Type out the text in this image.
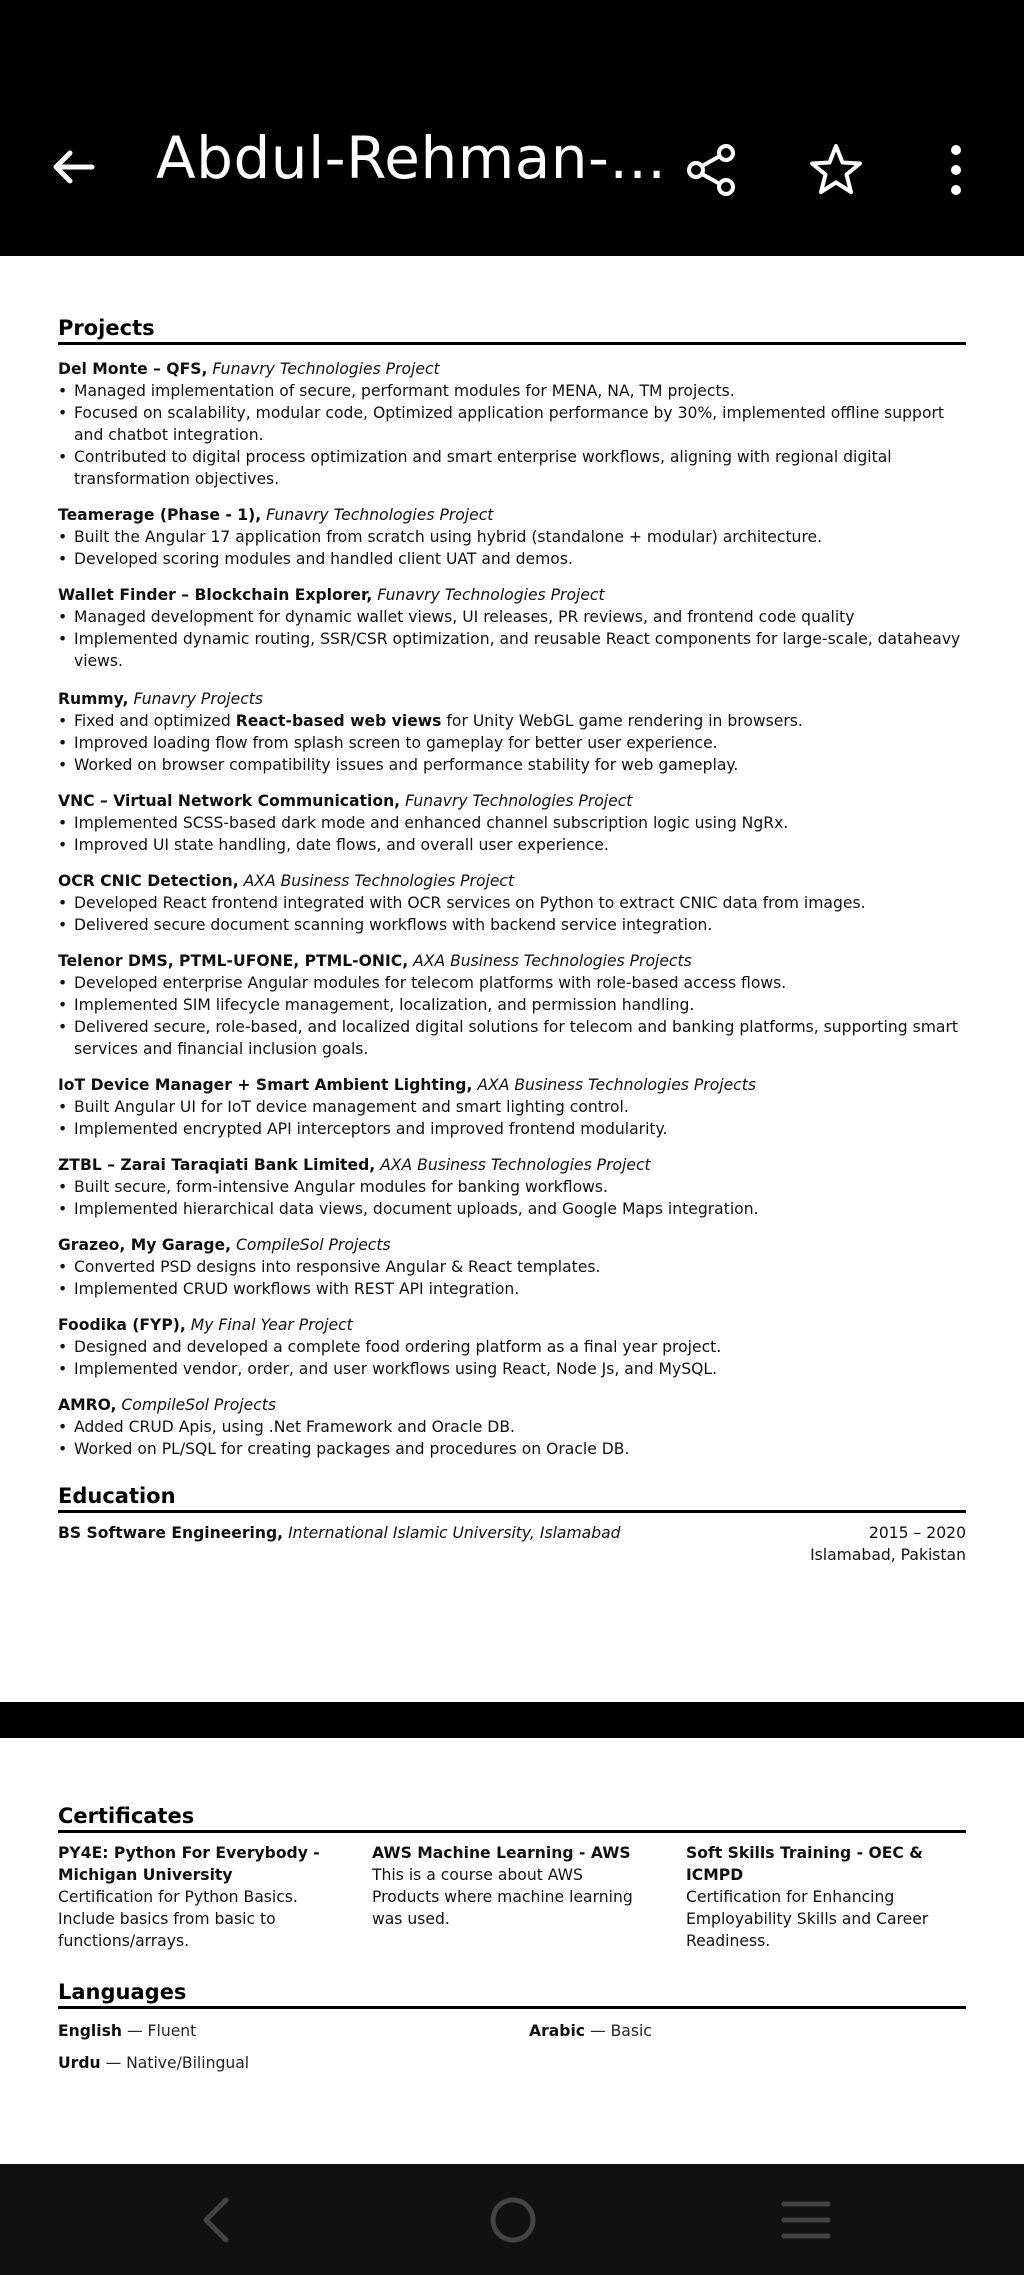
Abdul-Rehman-...
Projects
Del Monte – QFS, Funavry Technologies Project
• Managed implementation of secure, performant modules for MENA, NA, TM projects.
• Focused on scalability, modular code, Optimized application performance by 30%, implemented offline support and chatbot integration.
• Contributed to digital process optimization and smart enterprise workflows, aligning with regional digital transformation objectives.
Teamerage (Phase - 1), Funavry Technologies Project
• Built the Angular 17 application from scratch using hybrid (standalone + modular) architecture.
• Developed scoring modules and handled client UAT and demos.
Wallet Finder – Blockchain Explorer, Funavry Technologies Project
• Managed development for dynamic wallet views, UI releases, PR reviews, and frontend code quality
• Implemented dynamic routing, SSR/CSR optimization, and reusable React components for large-scale, dataheavy views.
Rummy, Funavry Projects
• Fixed and optimized React-based web views for Unity WebGL game rendering in browsers.
• Improved loading flow from splash screen to gameplay for better user experience.
• Worked on browser compatibility issues and performance stability for web gameplay.
VNC – Virtual Network Communication, Funavry Technologies Project
• Implemented SCSS-based dark mode and enhanced channel subscription logic using NgRx.
• Improved UI state handling, date flows, and overall user experience.
OCR CNIC Detection, AXA Business Technologies Project
• Developed React frontend integrated with OCR services on Python to extract CNIC data from images.
• Delivered secure document scanning workflows with backend service integration.
Telenor DMS, PTML-UFONE, PTML-ONIC, AXA Business Technologies Projects
• Developed enterprise Angular modules for telecom platforms with role-based access flows.
• Implemented SIM lifecycle management, localization, and permission handling.
• Delivered secure, role-based, and localized digital solutions for telecom and banking platforms, supporting smart services and financial inclusion goals.
IoT Device Manager + Smart Ambient Lighting, AXA Business Technologies Projects
• Built Angular UI for IoT device management and smart lighting control.
• Implemented encrypted API interceptors and improved frontend modularity.
ZTBL – Zarai Taraqiati Bank Limited, AXA Business Technologies Project
• Built secure, form-intensive Angular modules for banking workflows.
• Implemented hierarchical data views, document uploads, and Google Maps integration.
Grazeo, My Garage, CompileSol Projects
• Converted PSD designs into responsive Angular & React templates.
• Implemented CRUD workflows with REST API integration.
Foodika (FYP), My Final Year Project
• Designed and developed a complete food ordering platform as a final year project.
• Implemented vendor, order, and user workflows using React, Node Js, and MySQL.
AMRO, CompileSol Projects
• Added CRUD Apis, using .Net Framework and Oracle DB.
• Worked on PL/SQL for creating packages and procedures on Oracle DB.
Education
BS Software Engineering, International Islamic University, Islamabad	2015 – 2020
Islamabad, Pakistan
Certificates
PY4E: Python For Everybody - Michigan University
Certification for Python Basics. Include basics from basic to functions/arrays.
AWS Machine Learning - AWS
This is a course about AWS Products where machine learning was used.
Soft Skills Training - OEC & ICMPD
Certification for Enhancing Employability Skills and Career Readiness.
Languages
English — Fluent	Arabic — Basic
Urdu — Native/Bilingual
